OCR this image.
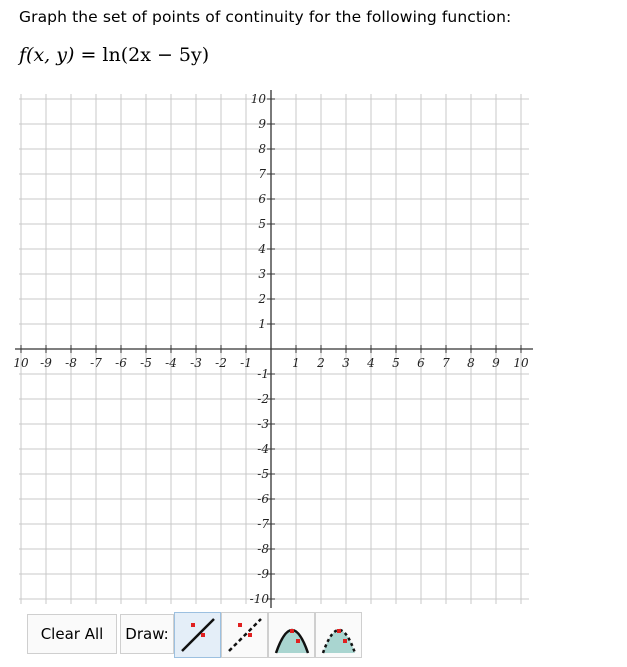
Graph the set of points of continuity for the following function:
f(x, y) = ln(2x − 5y)
10 -9 -8 -7 -6 -5 -4 -3 -2 -1	1 2 3 4 5 6 7 8 9 10
10
9
8
7
6
5
4
3
2
1
-1
-2
-3
-4
-5
-6
-7
-8
-9
-10
Clear All	Draw:
